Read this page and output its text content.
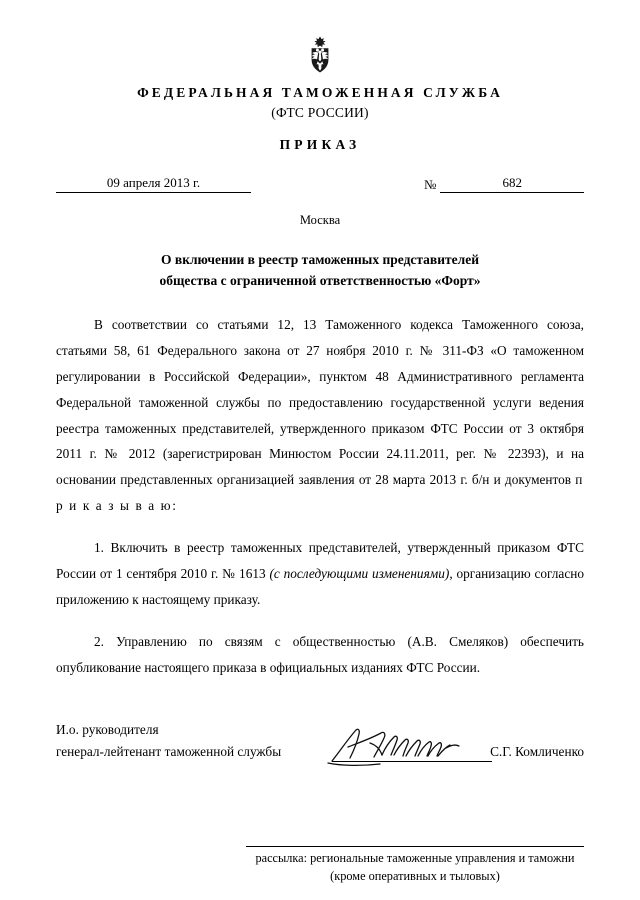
ФЕДЕРАЛЬНАЯ ТАМОЖЕННАЯ СЛУЖБА
(ФТС РОССИИ)
ПРИКАЗ
09 апреля 2013 г.	№	682
Москва
О включении в реестр таможенных представителей
общества с ограниченной ответственностью «Форт»

В соответствии со статьями 12, 13 Таможенного кодекса Таможенного союза, статьями 58, 61 Федерального закона от 27 ноября 2010 г. № 311-ФЗ «О таможенном регулировании в Российской Федерации», пунктом 48 Административного регламента Федеральной таможенной службы по предоставлению государственной услуги ведения реестра таможенных представителей, утвержденного приказом ФТС России от 3 октября 2011 г. № 2012 (зарегистрирован Минюстом России 24.11.2011, рег. № 22393), и на основании представленных организацией заявления от 28 марта 2013 г. б/н и документов п р и к а з ы в а ю:

1. Включить в реестр таможенных представителей, утвержденный приказом ФТС России от 1 сентября 2010 г. № 1613 (с последующими изменениями), организацию согласно приложению к настоящему приказу.

2. Управлению по связям с общественностью (А.В. Смеляков) обеспечить опубликование настоящего приказа в официальных изданиях ФТС России.

И.о. руководителя
генерал-лейтенант таможенной службы	С.Г. Комличенко
рассылка: региональные таможенные управления и таможни
(кроме оперативных и тыловых)
